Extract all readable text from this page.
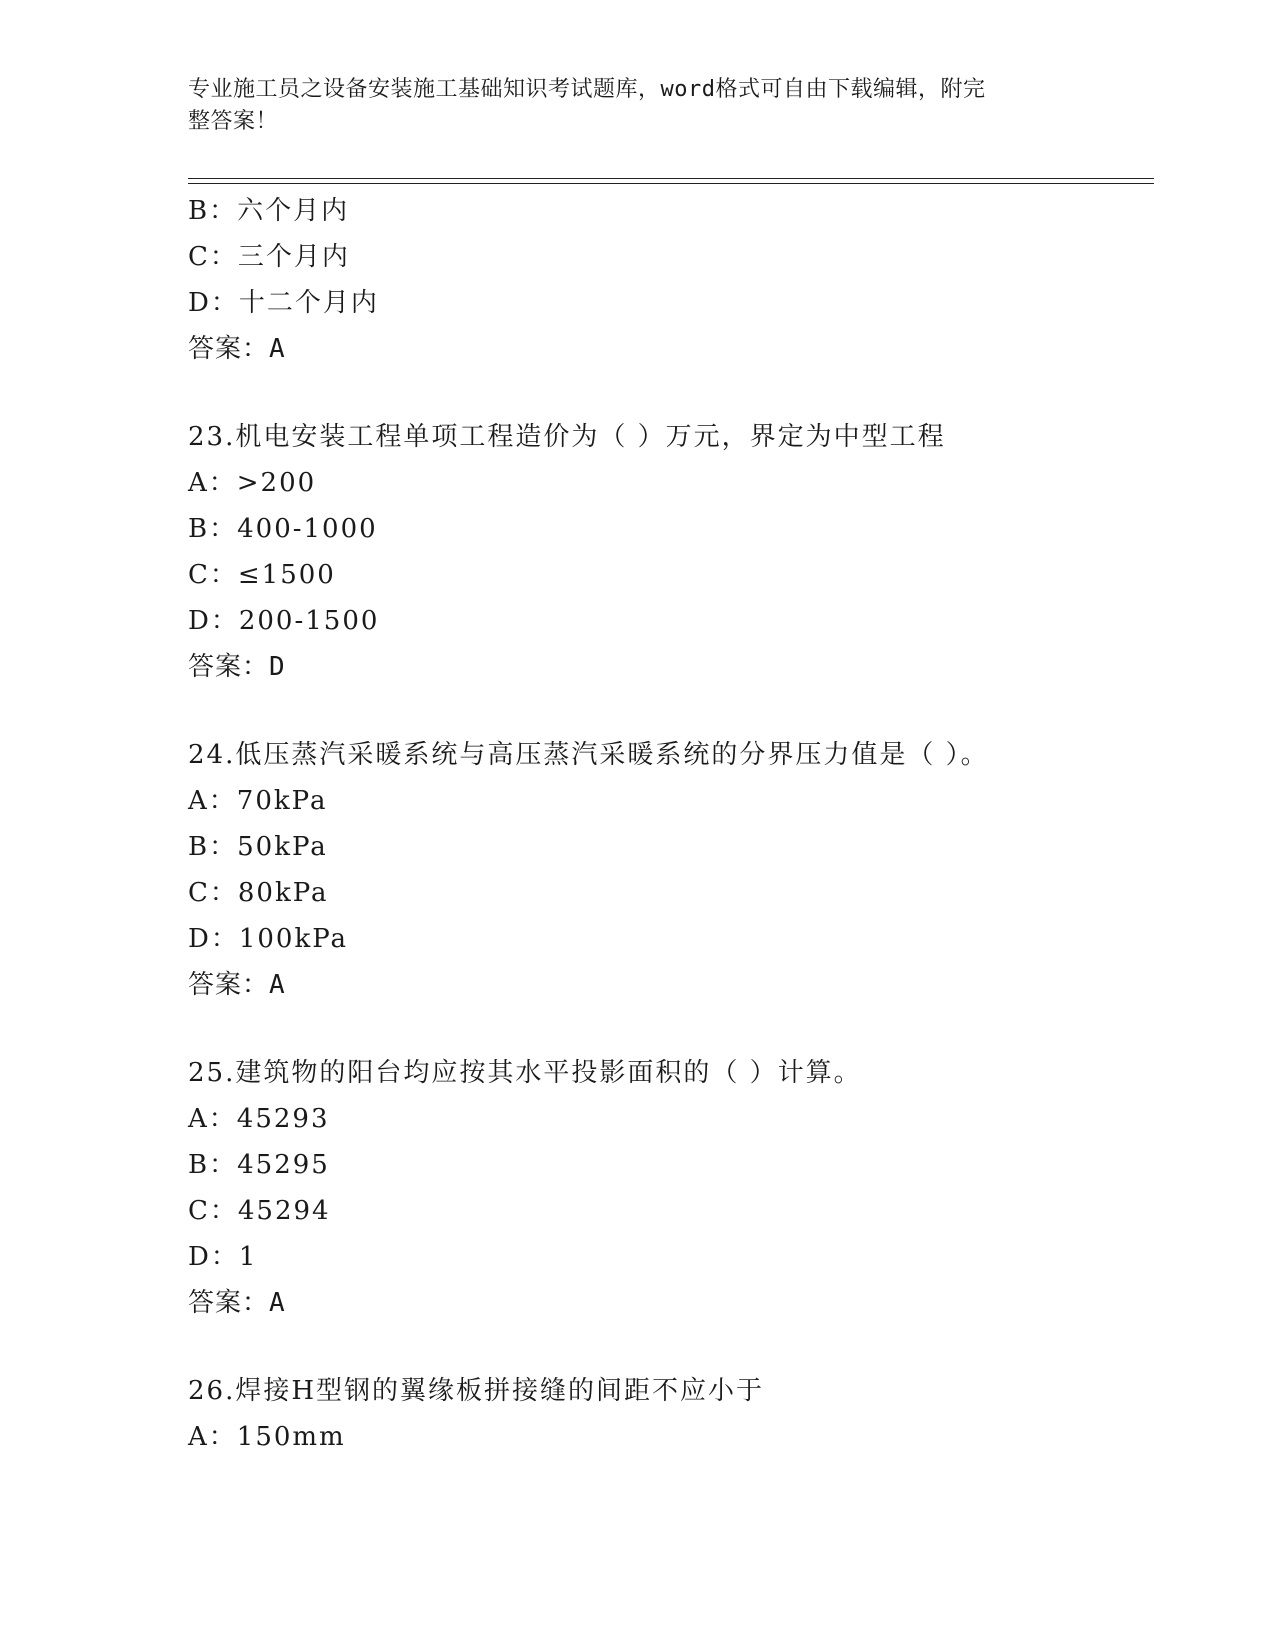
专业施工员之设备安装施工基础知识考试题库，word格式可自由下载编辑，附完
整答案！
B：六个月内
C：三个月内
D：十二个月内
答案：A
23.机电安装工程单项工程造价为（ ）万元，界定为中型工程
A：>200
B：400-1000
C：≤1500
D：200-1500
答案：D
24.低压蒸汽采暖系统与高压蒸汽采暖系统的分界压力值是（ ）。
A：70kPa
B：50kPa
C：80kPa
D：100kPa
答案：A
25.建筑物的阳台均应按其水平投影面积的（ ）计算。
A：45293
B：45295
C：45294
D：1
答案：A
26.焊接H型钢的翼缘板拼接缝的间距不应小于
A：150mm
